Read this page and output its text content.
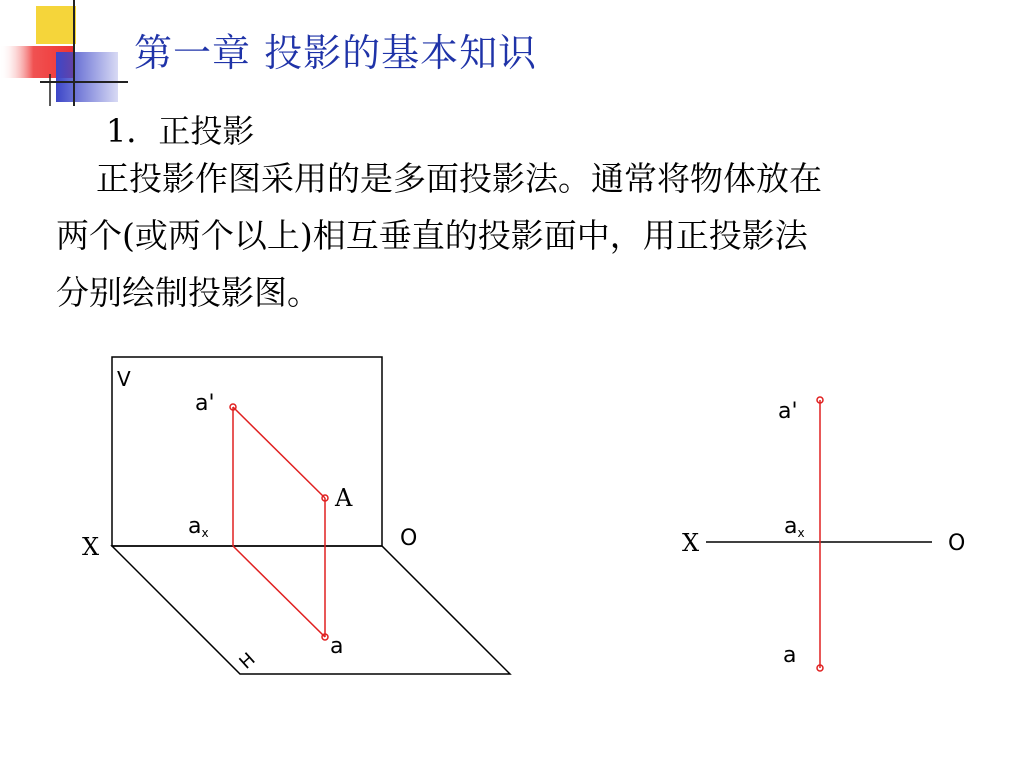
第一章 投影的基本知识
1．正投影
正投影作图采用的是多面投影法。通常将物体放在
两个(或两个以上)相互垂直的投影面中，用正投影法
分别绘制投影图。
V
H
X	O
A
a'
a
ax	X	O
a'
a
ax
